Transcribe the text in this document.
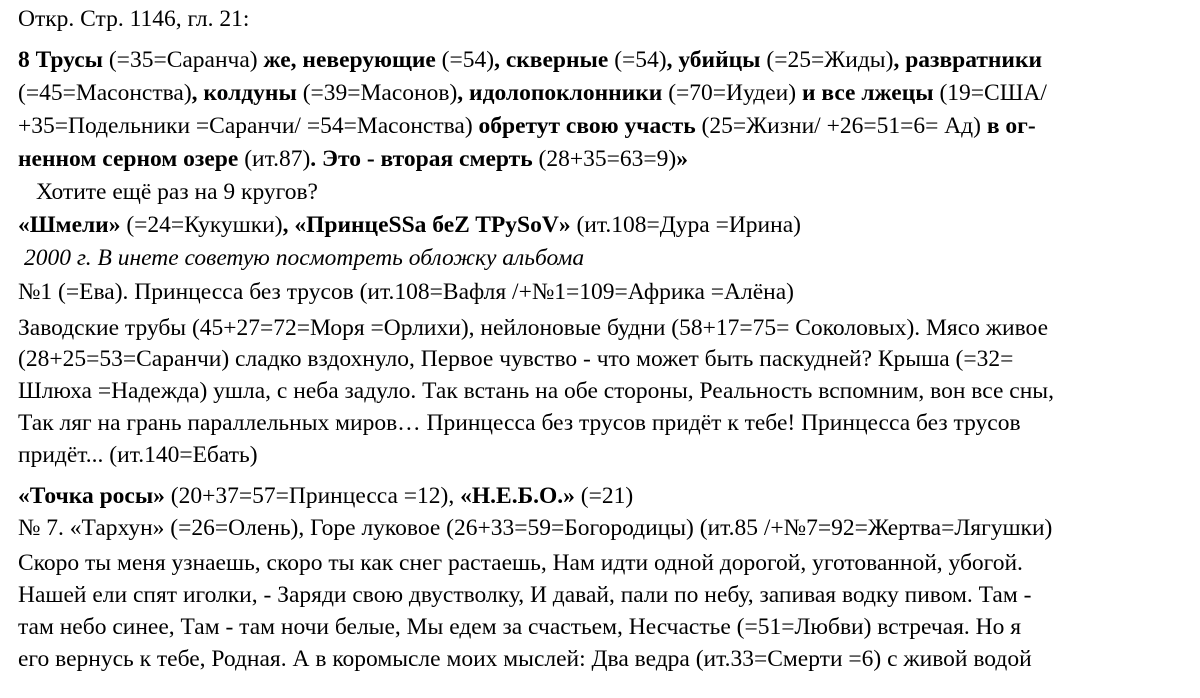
Откр. Стр. 1146, гл. 21:
8 Трусы (=35=Саранча) же, неверующие (=54), скверные (=54), убийцы (=25=Жиды), развратники
(=45=Масонства), колдуны (=39=Масонов), идолопоклонники (=70=Иудеи) и все лжецы (19=США/
+35=Подельники =Саранчи/ =54=Масонства) обретут свою участь (25=Жизни/ +26=51=6= Ад) в ог-
ненном серном озере (ит.87). Это - вторая смерть (28+35=63=9)»
Хотите ещё раз на 9 кругов?
«Шмели» (=24=Кукушки), «ПринцеSSa беZ TPySoV» (ит.108=Дура =Ирина)
2000 г. В инете советую посмотреть обложку альбома
№1 (=Ева). Принцесса без трусов (ит.108=Вафля /+№1=109=Африка =Алёна)
Заводские трубы (45+27=72=Моря =Орлихи), нейлоновые будни (58+17=75= Соколовых). Мясо живое
(28+25=53=Саранчи) сладко вздохнуло, Первое чувство - что может быть паскудней? Крыша (=32=
Шлюха =Надежда) ушла, с неба задуло. Так встань на обе стороны, Реальность вспомним, вон все сны,
Так ляг на грань параллельных миров… Принцесса без трусов придёт к тебе! Принцесса без трусов
придёт... (ит.140=Ебать)
«Точка росы» (20+37=57=Принцесса =12), «Н.Е.Б.О.» (=21)
№ 7. «Тархун» (=26=Олень), Горе луковое (26+33=59=Богородицы) (ит.85 /+№7=92=Жертва=Лягушки)
Скоро ты меня узнаешь, скоро ты как снег растаешь, Нам идти одной дорогой, уготованной, убогой.
Нашей ели спят иголки, - Заряди свою двустволку, И давай, пали по небу, запивая водку пивом. Там -
там небо синее, Там - там ночи белые, Мы едем за счастьем, Несчастье (=51=Любви) встречая. Но я
его вернусь к тебе, Родная. А в коромысле моих мыслей: Два ведра (ит.33=Смерти =6) с живой водой
